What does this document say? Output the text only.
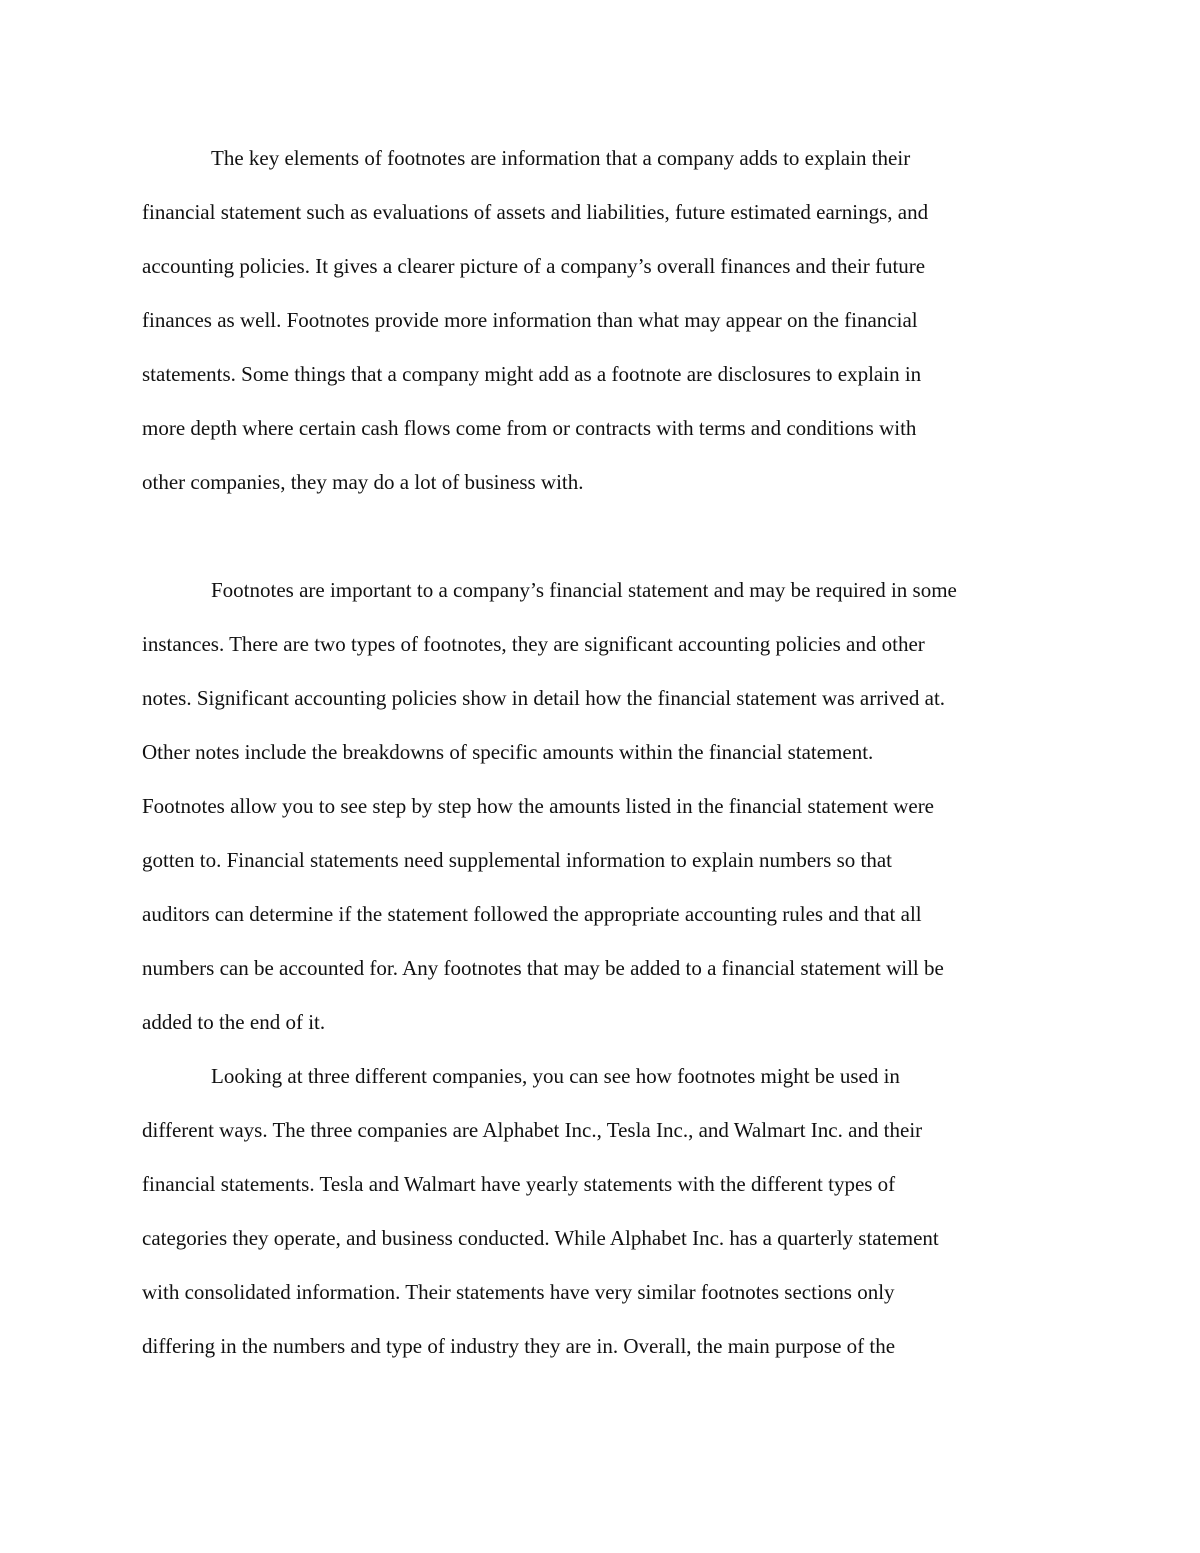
The key elements of footnotes are information that a company adds to explain their

financial statement such as evaluations of assets and liabilities, future estimated earnings, and

accounting policies. It gives a clearer picture of a company’s overall finances and their future

finances as well. Footnotes provide more information than what may appear on the financial

statements. Some things that a company might add as a footnote are disclosures to explain in

more depth where certain cash flows come from or contracts with terms and conditions with

other companies, they may do a lot of business with.

Footnotes are important to a company’s financial statement and may be required in some

instances. There are two types of footnotes, they are significant accounting policies and other

notes. Significant accounting policies show in detail how the financial statement was arrived at.

Other notes include the breakdowns of specific amounts within the financial statement.

Footnotes allow you to see step by step how the amounts listed in the financial statement were

gotten to. Financial statements need supplemental information to explain numbers so that

auditors can determine if the statement followed the appropriate accounting rules and that all

numbers can be accounted for. Any footnotes that may be added to a financial statement will be

added to the end of it.

Looking at three different companies, you can see how footnotes might be used in

different ways. The three companies are Alphabet Inc., Tesla Inc., and Walmart Inc. and their

financial statements. Tesla and Walmart have yearly statements with the different types of

categories they operate, and business conducted. While Alphabet Inc. has a quarterly statement

with consolidated information. Their statements have very similar footnotes sections only

differing in the numbers and type of industry they are in. Overall, the main purpose of the
